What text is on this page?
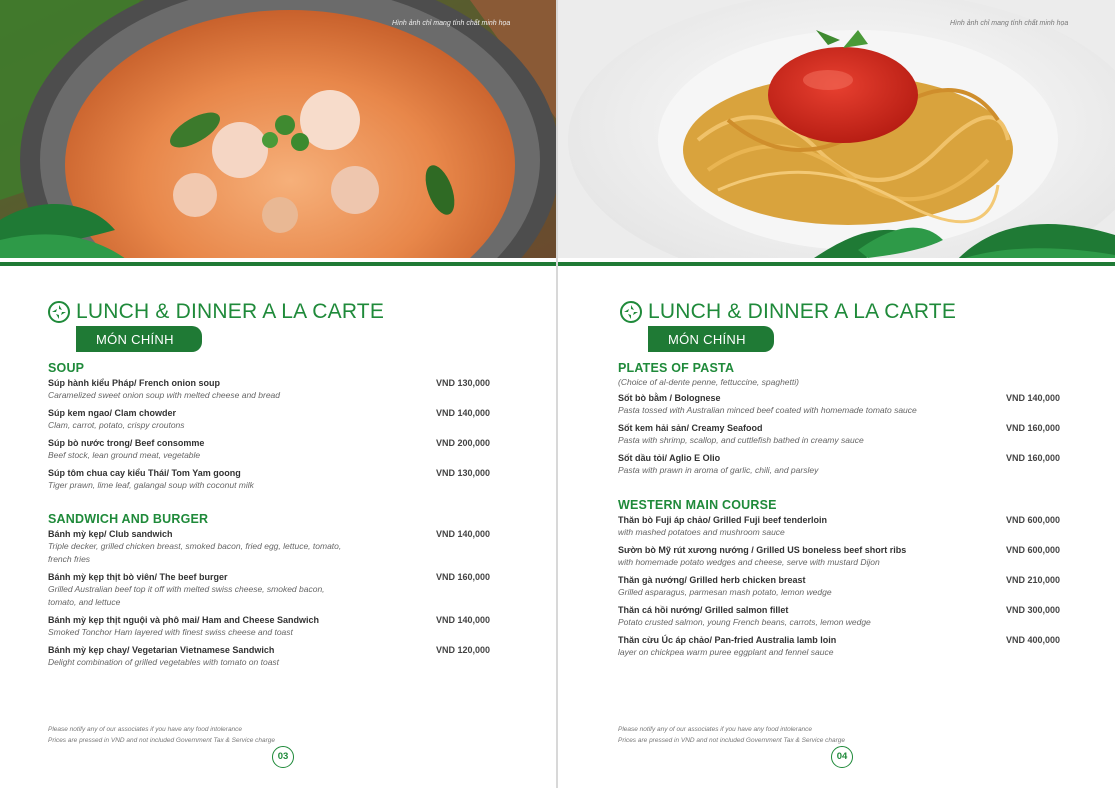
Hình ảnh chỉ mang tính chất minh họa
LUNCH & DINNER A LA CARTE
MÓN CHÍNH
SOUP
Súp hành kiểu Pháp/ French onion soup	VND 130,000
Caramelized sweet onion soup with melted cheese and bread
Súp kem ngao/ Clam chowder	VND 140,000
Clam, carrot, potato, crispy croutons
Súp bò nước trong/ Beef consomme	VND 200,000
Beef stock, lean ground meat, vegetable
Súp tôm chua cay kiểu Thái/ Tom Yam goong	VND 130,000
Tiger prawn, lime leaf, galangal soup with coconut milk
SANDWICH AND BURGER
Bánh mỳ kẹp/ Club sandwich	VND 140,000
Triple decker, grilled chicken breast, smoked bacon, fried egg, lettuce, tomato, french fries
Bánh mỳ kẹp thịt bò viên/ The beef burger	VND 160,000
Grilled Australian beef top it off with melted swiss cheese, smoked bacon, tomato, and lettuce
Bánh mỳ kẹp thịt nguội và phô mai/ Ham and Cheese Sandwich	VND 140,000
Smoked Tonchor Ham layered with finest swiss cheese and toast
Bánh mỳ kẹp chay/ Vegetarian Vietnamese Sandwich	VND 120,000
Delight combination of grilled vegetables with tomato on toast
Please notify any of our associates if you have any food intolerance
Prices are pressed in VND and not included Government Tax & Service charge
03
Hình ảnh chỉ mang tính chất minh họa
LUNCH & DINNER A LA CARTE
MÓN CHÍNH
PLATES OF PASTA
(Choice of al-dente penne, fettuccine, spaghetti)
Sốt bò bằm / Bolognese	VND 140,000
Pasta tossed with Australian minced beef coated with homemade tomato sauce
Sốt kem hải sản/ Creamy Seafood	VND 160,000
Pasta with shrimp, scallop, and cuttlefish bathed in creamy sauce
Sốt dầu tỏi/ Aglio E Olio	VND 160,000
Pasta with prawn in aroma of garlic, chili, and parsley
WESTERN MAIN COURSE
Thăn bò Fuji áp chảo/ Grilled Fuji beef tenderloin	VND 600,000
with mashed potatoes and mushroom sauce
Sườn bò Mỹ rút xương nướng / Grilled US boneless beef short ribs	VND 600,000
with homemade potato wedges and cheese, serve with mustard Dijon
Thăn gà nướng/ Grilled herb chicken breast	VND 210,000
Grilled asparagus, parmesan mash potato, lemon wedge
Thăn cá hồi nướng/ Grilled salmon fillet	VND 300,000
Potato crusted salmon, young French beans, carrots, lemon wedge
Thăn cừu Úc áp chảo/ Pan-fried Australia lamb loin	VND 400,000
layer on chickpea warm puree eggplant and fennel sauce
Please notify any of our associates if you have any food intolerance
Prices are pressed in VND and not included Government Tax & Service charge
04
